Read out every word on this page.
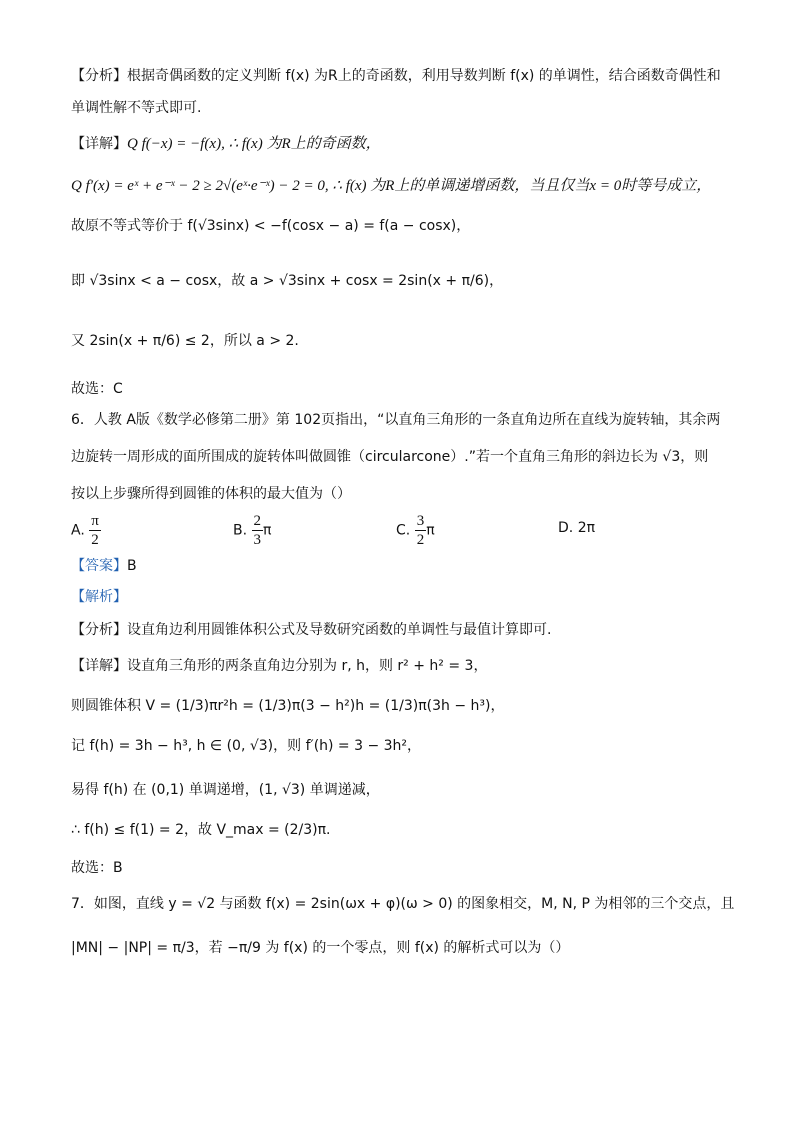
【分析】根据奇偶函数的定义判断 f(x) 为R上的奇函数，利用导数判断 f(x) 的单调性，结合函数奇偶性和
单调性解不等式即可.
【详解】Q f(−x) = −f(x), ∴ f(x) 为R上的奇函数，
Q f′(x) = eˣ + e⁻ˣ − 2 ≥ 2√(eˣ·e⁻ˣ) − 2 = 0, ∴ f(x) 为R上的单调递增函数，当且仅当x = 0时等号成立，
故原不等式等价于 f(√3sinx) < −f(cosx − a) = f(a − cosx)，
即 √3sinx < a − cosx，故 a > √3sinx + cosx = 2sin(x + π/6)，
又 2sin(x + π/6) ≤ 2，所以 a > 2.
故选：C
6．人教 A版《数学必修第二册》第 102页指出，“以直角三角形的一条直角边所在直线为旋转轴，其余两
边旋转一周形成的面所围成的旋转体叫做圆锥（circularcone）.”若一个直角三角形的斜边长为 √3，则
按以上步骤所得到圆锥的体积的最大值为（）
A. $\frac{\pi}{2}$	B. $\frac{2}{3}$ π	C. $\frac{3}{2}$ π	D. 2π
【答案】B
【解析】
【分析】设直角边利用圆锥体积公式及导数研究函数的单调性与最值计算即可.
【详解】设直角三角形的两条直角边分别为 r, h，则 r² + h² = 3，
则圆锥体积 V = (1/3)πr²h = (1/3)π(3 − h²)h = (1/3)π(3h − h³)，
记 f(h) = 3h − h³, h ∈ (0, √3)，则 f′(h) = 3 − 3h²，
易得 f(h) 在 (0,1) 单调递增，(1, √3) 单调递减，
∴ f(h) ≤ f(1) = 2，故 V_max = (2/3)π.
故选：B
7．如图，直线 y = √2 与函数 f(x) = 2sin(ωx + φ)(ω > 0) 的图象相交，M, N, P 为相邻的三个交点，且
|MN| − |NP| = π/3，若 −π/9 为 f(x) 的一个零点，则 f(x) 的解析式可以为（）
